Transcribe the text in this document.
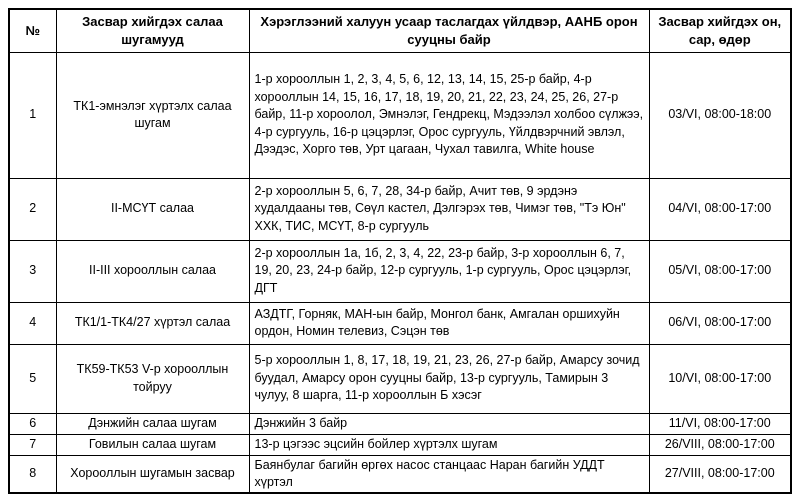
№	Засвар хийгдэх салаа шугамууд	Хэрэглээний халуун усаар таслагдах үйлдвэр, ААНБ орон сууцны байр	Засвар хийгдэх он, сар, өдөр
1	ТК1-эмнэлэг хүртэлх салаа шугам	1-р хорооллын 1, 2, 3, 4, 5, 6, 12, 13, 14, 15, 25-р байр, 4-р хорооллын 14, 15, 16, 17, 18, 19, 20, 21, 22, 23, 24, 25, 26, 27-р байр, 11-р хороолол, Эмнэлэг, Гендрекц, Мэдээлэл холбоо сүлжээ, 4-р сургууль, 16-р цэцэрлэг, Орос сургууль, Үйлдвэрчний эвлэл, Дээдэс, Хорго төв, Урт цагаан, Чухал тавилга, White house	03/VI, 08:00-18:00
2	II-МСҮТ салаа	2-р хорооллын 5, 6, 7, 28, 34-р байр, Ачит төв, 9 эрдэнэ худалдааны төв, Сөүл кастел, Дэлгэрэх төв, Чимэг төв, "Тэ Юн" ХХК, ТИС, МСҮТ, 8-р сургууль	04/VI, 08:00-17:00
3	II-III хорооллын салаа	2-р хорооллын 1а, 1б, 2, 3, 4, 22, 23-р байр, 3-р хорооллын 6, 7, 19, 20, 23, 24-р байр, 12-р сургууль, 1-р сургууль, Орос цэцэрлэг, ДГТ	05/VI, 08:00-17:00
4	ТК1/1-ТК4/27 хүртэл салаа	АЗДТГ, Горняк, МАН-ын байр, Монгол банк, Амгалан оршихуйн ордон, Номин телевиз, Сэцэн төв	06/VI, 08:00-17:00
5	ТК59-ТК53 V-р хорооллын тойруу	5-р хорооллын 1, 8, 17, 18, 19, 21, 23, 26, 27-р байр, Амарсу зочид буудал, Амарсу орон сууцны байр, 13-р сургууль, Тамирын 3 чулуу, 8 шарга, 11-р хорооллын Б хэсэг	10/VI, 08:00-17:00
6	Дэнжийн салаа шугам	Дэнжийн 3 байр	11/VI, 08:00-17:00
7	Говилын салаа шугам	13-р цэгээс эцсийн бойлер хүртэлх шугам	26/VIII, 08:00-17:00
8	Хорооллын шугамын засвар	Баянбулаг багийн өргөх насос станцаас Наран багийн УДДТ хүртэл	27/VIII, 08:00-17:00
